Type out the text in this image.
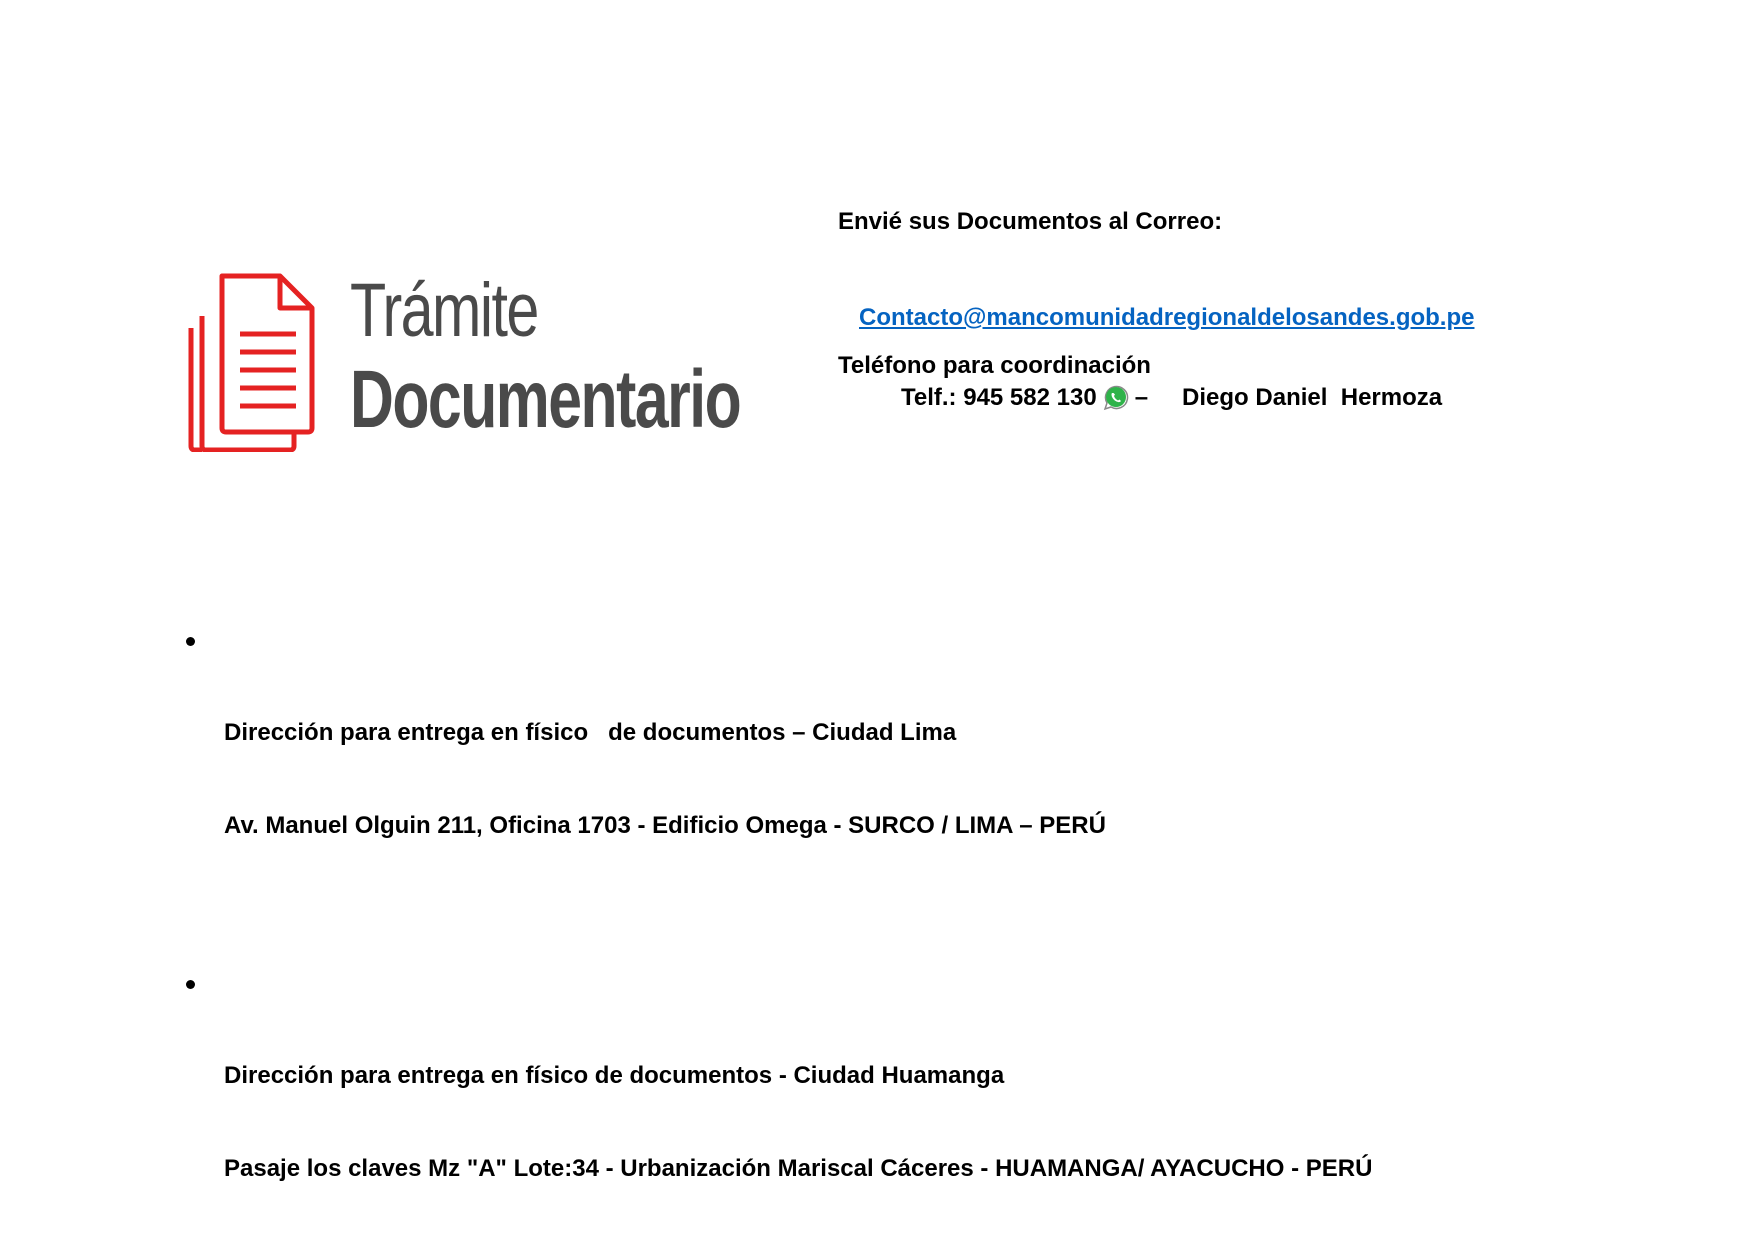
Trámite
Documentario
Envié sus Documentos al Correo:
Contacto@mancomunidadregionaldelosandes.gob.pe
Teléfono para coordinación
Telf.: 945 582 130 – Diego Daniel  Hermoza

Dirección para entrega en físico   de documentos – Ciudad Lima

Av. Manuel Olguin 211, Oficina 1703 - Edificio Omega - SURCO / LIMA – PERÚ

Dirección para entrega en físico de documentos - Ciudad Huamanga

Pasaje los claves Mz "A" Lote:34 - Urbanización Mariscal Cáceres - HUAMANGA/ AYACUCHO - PERÚ
